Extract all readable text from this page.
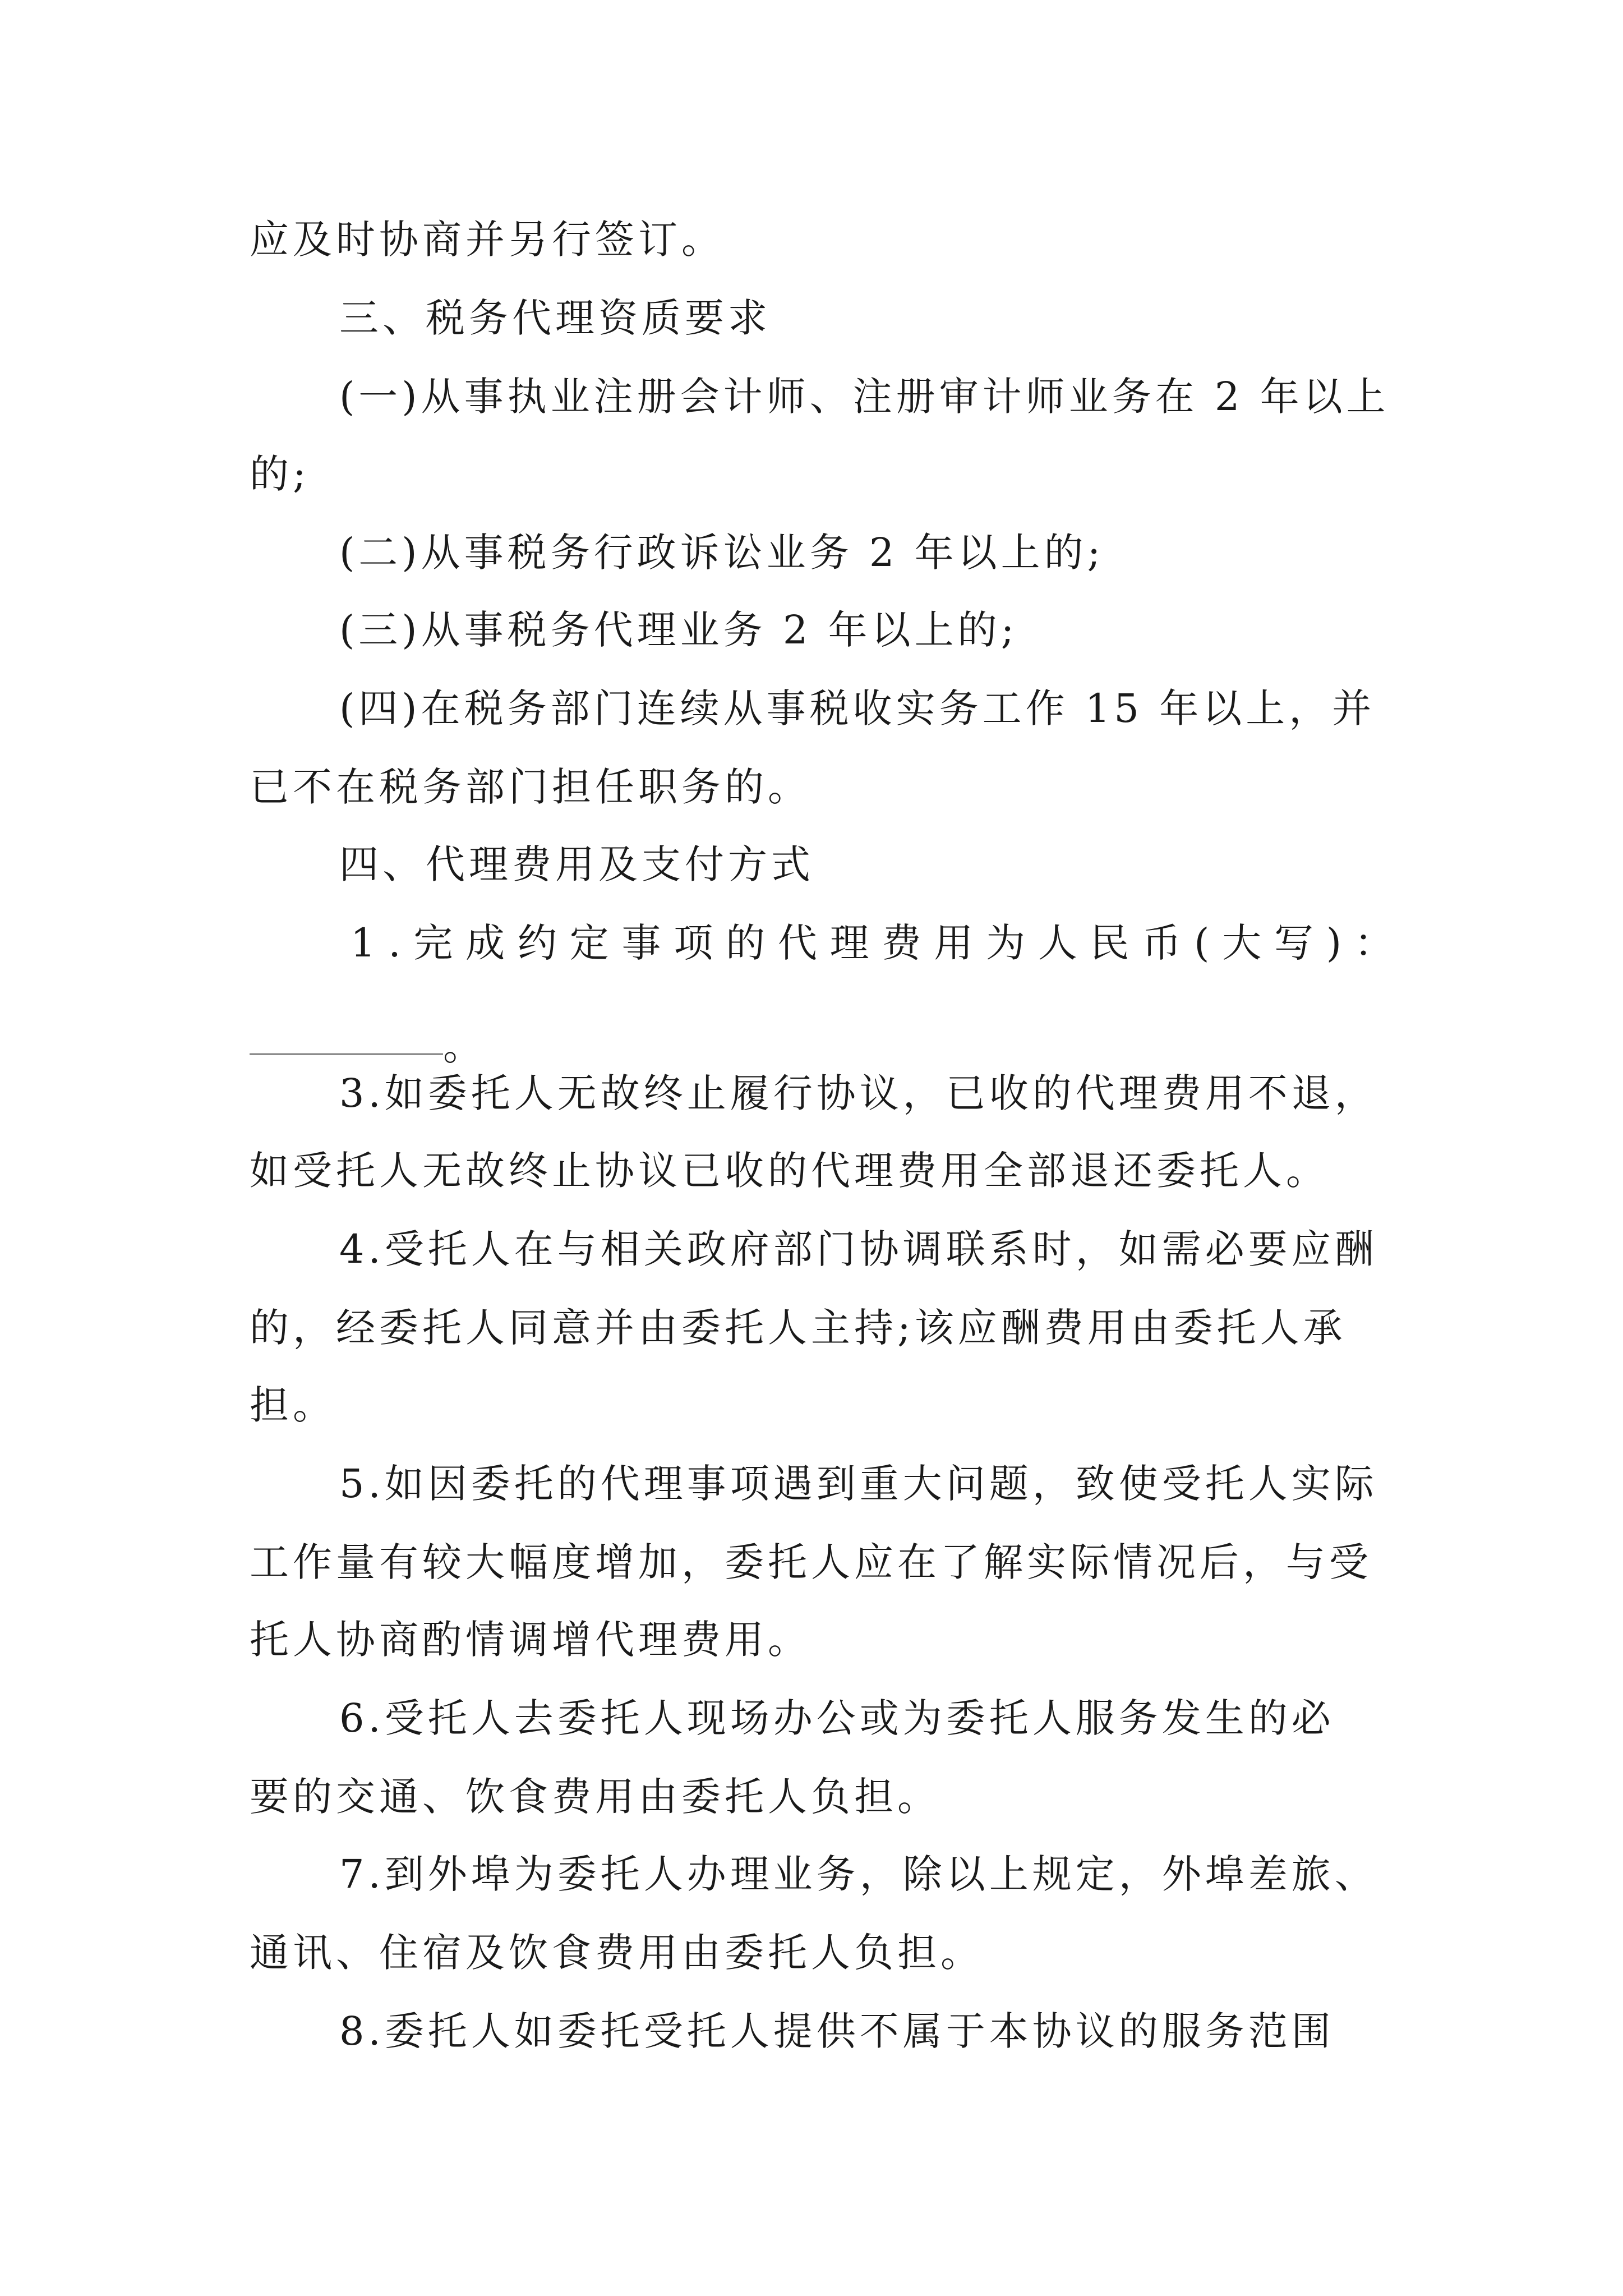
应及时协商并另行签订。
三、税务代理资质要求
(一)从事执业注册会计师、注册审计师业务在 2 年以上
的;
(二)从事税务行政诉讼业务 2 年以上的;
(三)从事税务代理业务 2 年以上的;
(四)在税务部门连续从事税收实务工作 15 年以上，并
已不在税务部门担任职务的。
四、代理费用及支付方式
1 . 完 成 约 定 事 项 的 代 理 费 用 为 人 民 币 ( 大 写 ) ：
。
3.如委托人无故终止履行协议，已收的代理费用不退，
如受托人无故终止协议已收的代理费用全部退还委托人。
4.受托人在与相关政府部门协调联系时，如需必要应酬
的，经委托人同意并由委托人主持;该应酬费用由委托人承
担。
5.如因委托的代理事项遇到重大问题，致使受托人实际
工作量有较大幅度增加，委托人应在了解实际情况后，与受
托人协商酌情调增代理费用。
6.受托人去委托人现场办公或为委托人服务发生的必
要的交通、饮食费用由委托人负担。
7.到外埠为委托人办理业务，除以上规定，外埠差旅、
通讯、住宿及饮食费用由委托人负担。
8.委托人如委托受托人提供不属于本协议的服务范围
